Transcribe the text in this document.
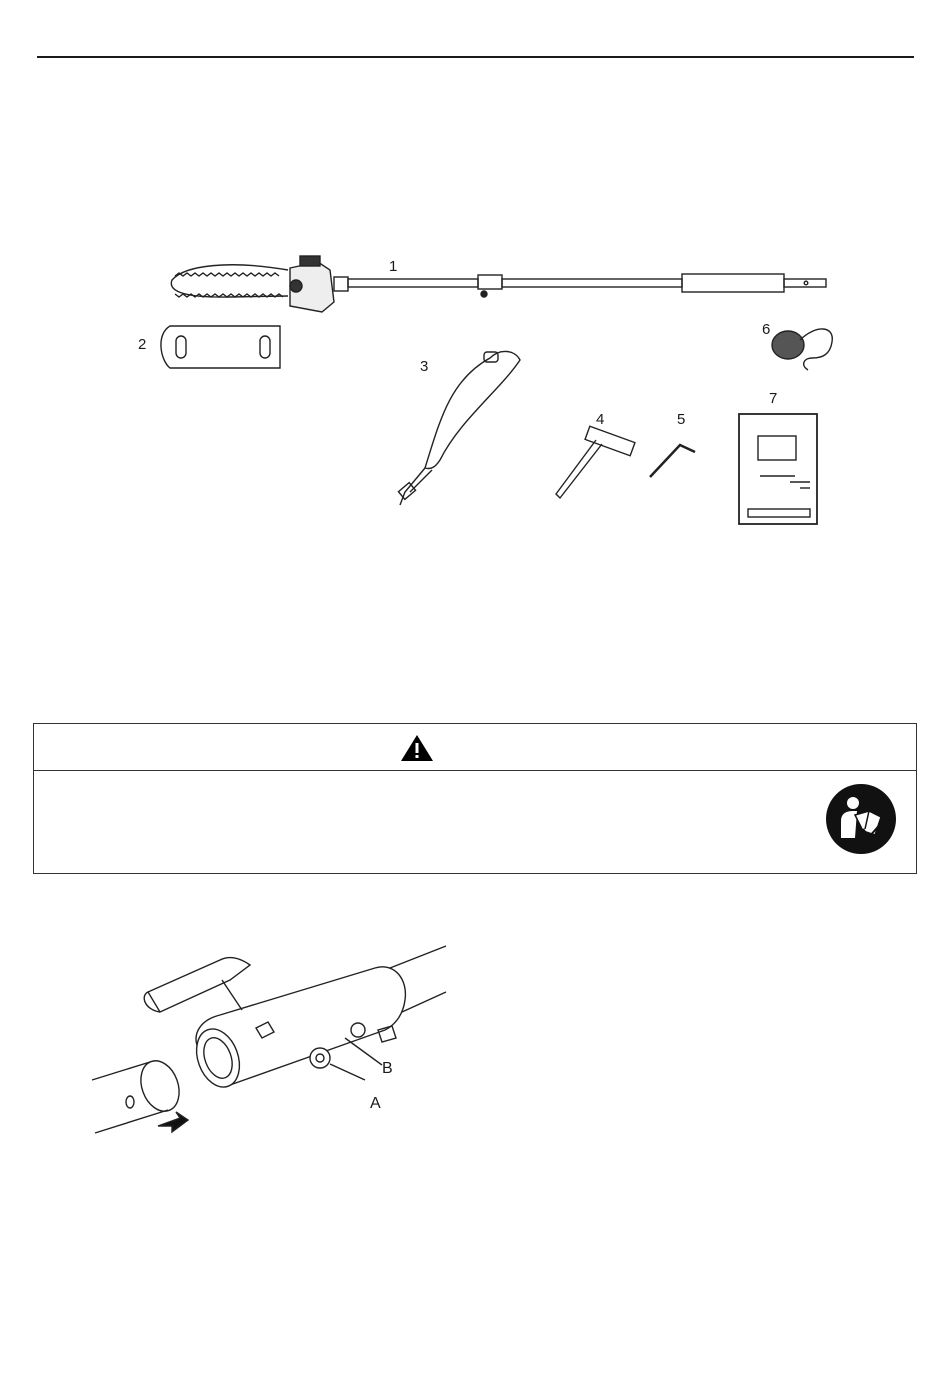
1
2
3
4	5
6
7
B
A
